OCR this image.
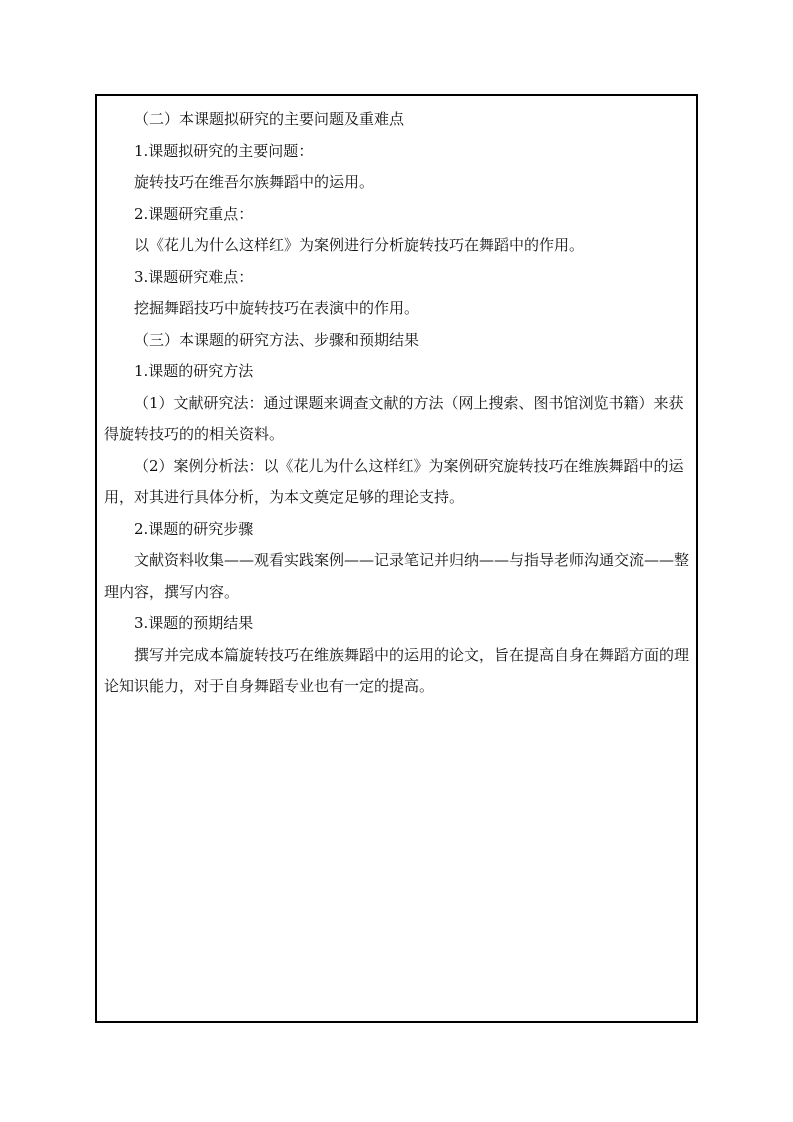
（二）本课题拟研究的主要问题及重难点

1.课题拟研究的主要问题：

旋转技巧在维吾尔族舞蹈中的运用。

2.课题研究重点：

以《花儿为什么这样红》为案例进行分析旋转技巧在舞蹈中的作用。

3.课题研究难点：

挖掘舞蹈技巧中旋转技巧在表演中的作用。

（三）本课题的研究方法、步骤和预期结果

1.课题的研究方法

（1）文献研究法：通过课题来调查文献的方法（网上搜索、图书馆浏览书籍）来获得旋转技巧的的相关资料。

（2）案例分析法：以《花儿为什么这样红》为案例研究旋转技巧在维族舞蹈中的运用，对其进行具体分析，为本文奠定足够的理论支持。

2.课题的研究步骤

文献资料收集——观看实践案例——记录笔记并归纳——与指导老师沟通交流——整理内容，撰写内容。

3.课题的预期结果

撰写并完成本篇旋转技巧在维族舞蹈中的运用的论文，旨在提高自身在舞蹈方面的理论知识能力，对于自身舞蹈专业也有一定的提高。
